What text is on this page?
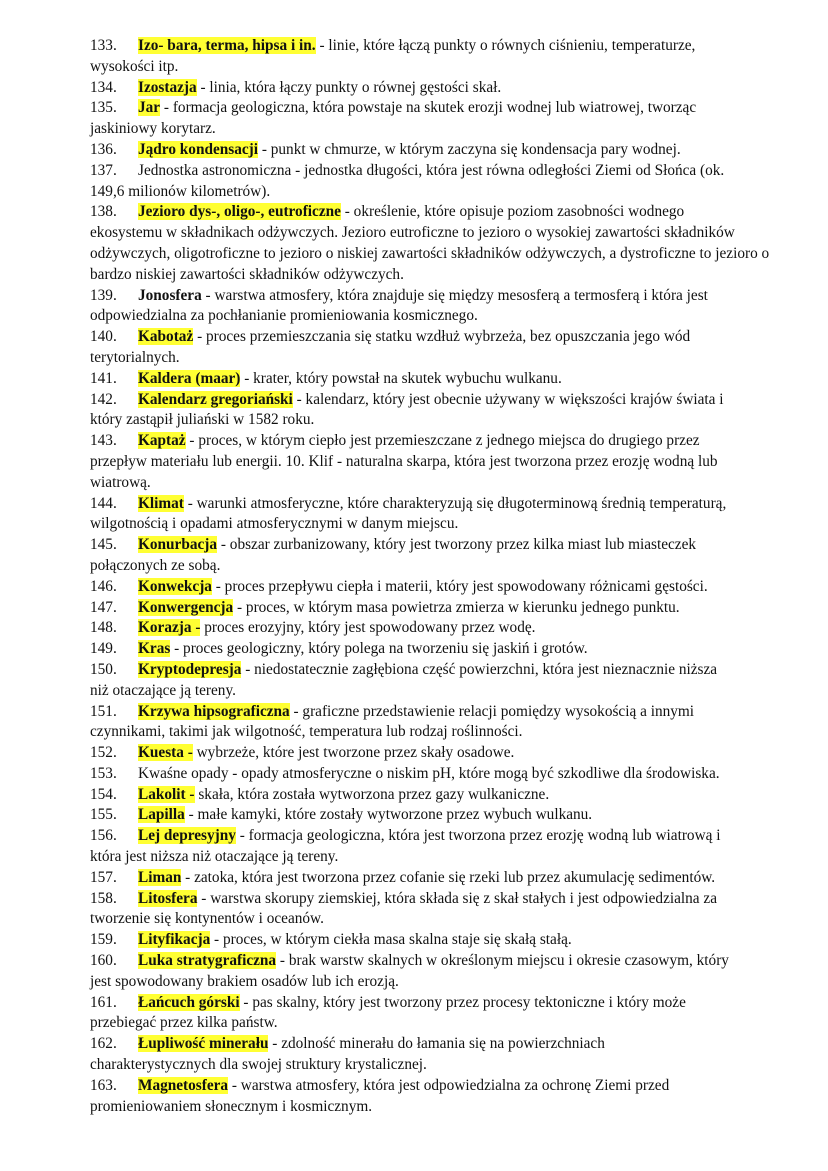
133. Izo- bara, terma, hipsa i in. - linie, które łączą punkty o równych ciśnieniu, temperaturze,
wysokości itp.
134. Izostazja - linia, która łączy punkty o równej gęstości skał.
135. Jar - formacja geologiczna, która powstaje na skutek erozji wodnej lub wiatrowej, tworząc
jaskiniowy korytarz.
136. Jądro kondensacji - punkt w chmurze, w którym zaczyna się kondensacja pary wodnej.
137. Jednostka astronomiczna - jednostka długości, która jest równa odległości Ziemi od Słońca (ok.
149,6 milionów kilometrów).
138. Jezioro dys-, oligo-, eutroficzne - określenie, które opisuje poziom zasobności wodnego
ekosystemu w składnikach odżywczych. Jezioro eutroficzne to jezioro o wysokiej zawartości składników odżywczych, oligotroficzne to jezioro o niskiej zawartości składników odżywczych, a dystroficzne to jezioro o bardzo niskiej zawartości składników odżywczych.
139. Jonosfera - warstwa atmosfery, która znajduje się między mesosferą a termosferą i która jest
odpowiedzialna za pochłanianie promieniowania kosmicznego.
140. Kabotaż - proces przemieszczania się statku wzdłuż wybrzeża, bez opuszczania jego wód
terytorialnych.
141. Kaldera (maar) - krater, który powstał na skutek wybuchu wulkanu.
142. Kalendarz gregoriański - kalendarz, który jest obecnie używany w większości krajów świata i
który zastąpił juliański w 1582 roku.
143. Kaptaż - proces, w którym ciepło jest przemieszczane z jednego miejsca do drugiego przez
przepływ materiału lub energii. 10. Klif - naturalna skarpa, która jest tworzona przez erozję wodną lub wiatrową.
144. Klimat - warunki atmosferyczne, które charakteryzują się długoterminową średnią temperaturą,
wilgotnością i opadami atmosferycznymi w danym miejscu.
145. Konurbacja - obszar zurbanizowany, który jest tworzony przez kilka miast lub miasteczek
połączonych ze sobą.
146. Konwekcja - proces przepływu ciepła i materii, który jest spowodowany różnicami gęstości.
147. Konwergencja - proces, w którym masa powietrza zmierza w kierunku jednego punktu.
148. Korazja - proces erozyjny, który jest spowodowany przez wodę.
149. Kras - proces geologiczny, który polega na tworzeniu się jaskiń i grotów.
150. Kryptodepresja - niedostatecznie zagłębiona część powierzchni, która jest nieznacznie niższa
niż otaczające ją tereny.
151. Krzywa hipsograficzna - graficzne przedstawienie relacji pomiędzy wysokością a innymi
czynnikami, takimi jak wilgotność, temperatura lub rodzaj roślinności.
152. Kuesta - wybrzeże, które jest tworzone przez skały osadowe.
153. Kwaśne opady - opady atmosferyczne o niskim pH, które mogą być szkodliwe dla środowiska.
154. Lakolit - skała, która została wytworzona przez gazy wulkaniczne.
155. Lapilla - małe kamyki, które zostały wytworzone przez wybuch wulkanu.
156. Lej depresyjny - formacja geologiczna, która jest tworzona przez erozję wodną lub wiatrową i
która jest niższa niż otaczające ją tereny.
157. Liman - zatoka, która jest tworzona przez cofanie się rzeki lub przez akumulację sedimentów.
158. Litosfera - warstwa skorupy ziemskiej, która składa się z skał stałych i jest odpowiedzialna za
tworzenie się kontynentów i oceanów.
159. Lityfikacja - proces, w którym ciekła masa skalna staje się skałą stałą.
160. Luka stratygraficzna - brak warstw skalnych w określonym miejscu i okresie czasowym, który
jest spowodowany brakiem osadów lub ich erozją.
161. Łańcuch górski - pas skalny, który jest tworzony przez procesy tektoniczne i który może
przebiegać przez kilka państw.
162. Łupliwość minerału - zdolność minerału do łamania się na powierzchniach
charakterystycznych dla swojej struktury krystalicznej.
163. Magnetosfera - warstwa atmosfery, która jest odpowiedzialna za ochronę Ziemi przed
promieniowaniem słonecznym i kosmicznym.
